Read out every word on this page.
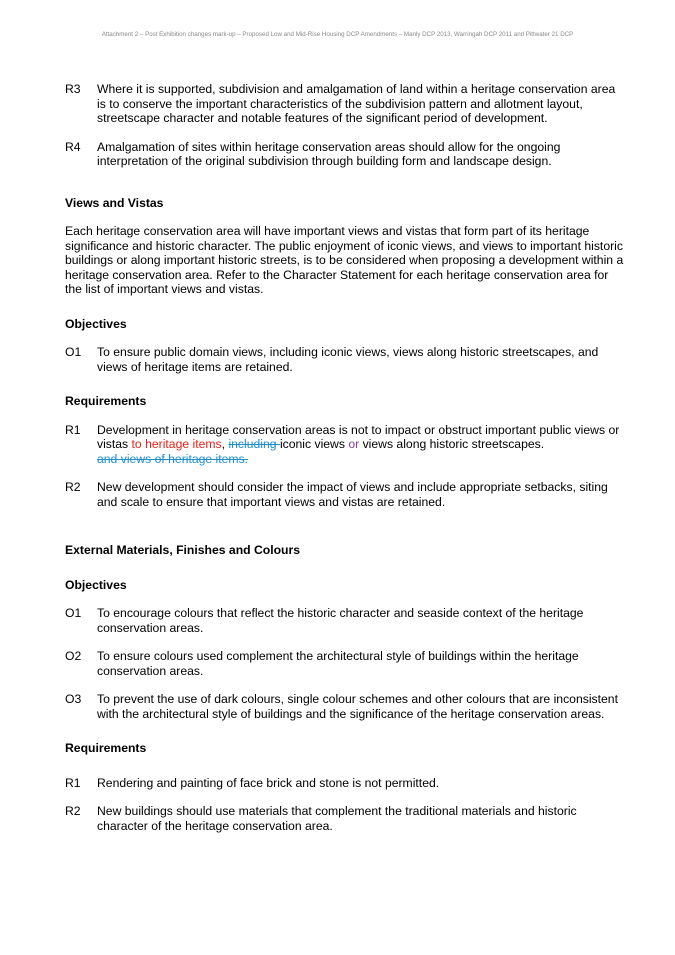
Attachment 2 – Post Exhibition changes mark-up – Proposed Low and Mid-Rise Housing DCP Amendments – Manly DCP 2013, Warringah DCP 2011 and Pittwater 21 DCP
R3	Where it is supported, subdivision and amalgamation of land within a heritage conservation area is to conserve the important characteristics of the subdivision pattern and allotment layout, streetscape character and notable features of the significant period of development.
R4	Amalgamation of sites within heritage conservation areas should allow for the ongoing interpretation of the original subdivision through building form and landscape design.
Views and Vistas
Each heritage conservation area will have important views and vistas that form part of its heritage significance and historic character. The public enjoyment of iconic views, and views to important historic buildings or along important historic streets, is to be considered when proposing a development within a heritage conservation area. Refer to the Character Statement for each heritage conservation area for the list of important views and vistas.
Objectives
O1	To ensure public domain views, including iconic views, views along historic streetscapes, and views of heritage items are retained.
Requirements
R1	Development in heritage conservation areas is not to impact or obstruct important public views or vistas to heritage items, including iconic views or views along historic streetscapes.
and views of heritage items.
R2	New development should consider the impact of views and include appropriate setbacks, siting and scale to ensure that important views and vistas are retained.
External Materials, Finishes and Colours
Objectives
O1	To encourage colours that reflect the historic character and seaside context of the heritage conservation areas.
O2	To ensure colours used complement the architectural style of buildings within the heritage conservation areas.
O3	To prevent the use of dark colours, single colour schemes and other colours that are inconsistent with the architectural style of buildings and the significance of the heritage conservation areas.
Requirements
R1	Rendering and painting of face brick and stone is not permitted.
R2	New buildings should use materials that complement the traditional materials and historic character of the heritage conservation area.
